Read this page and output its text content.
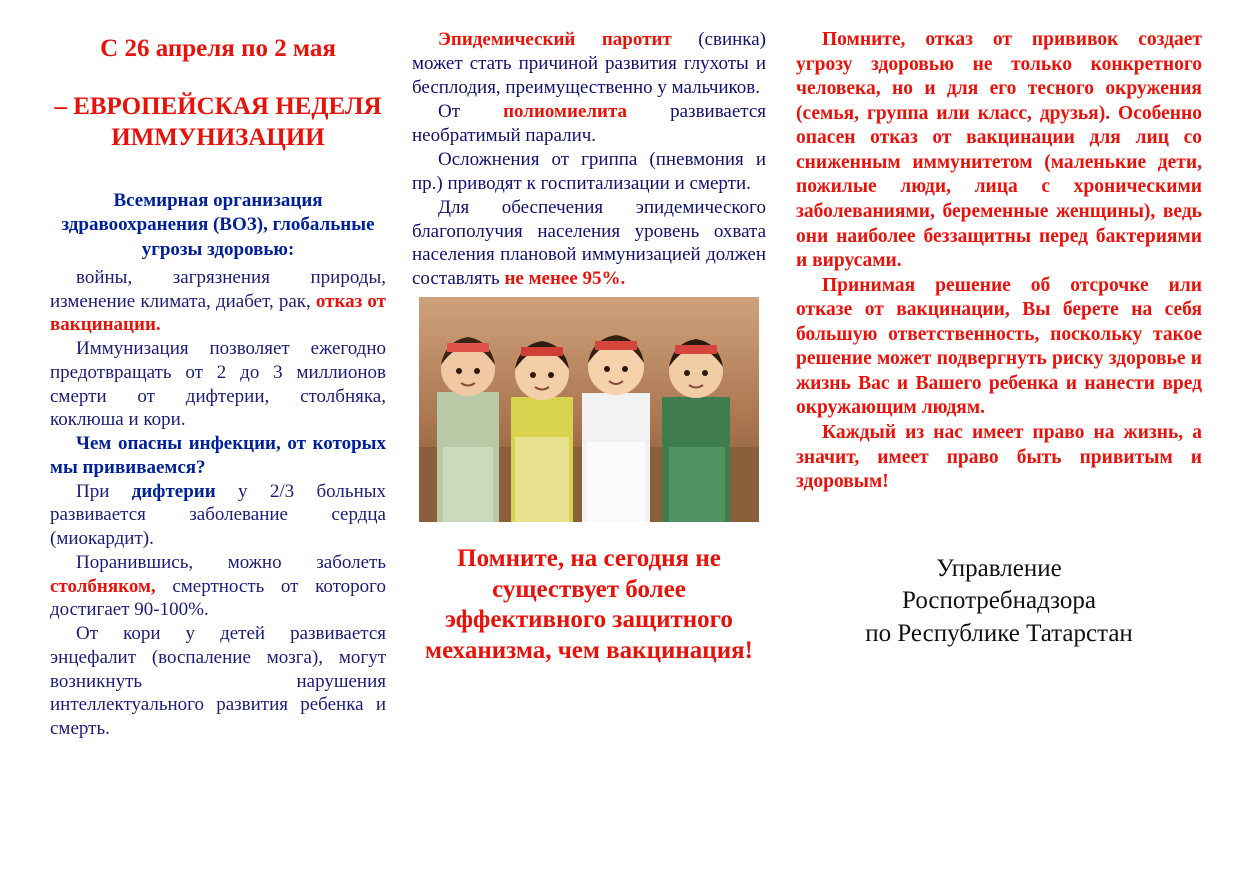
С 26 апреля по 2 мая
– ЕВРОПЕЙСКАЯ НЕДЕЛЯ ИММУНИЗАЦИИ
Всемирная организация здравоохранения (ВОЗ), глобальные угрозы здоровью:

войны, загрязнения природы, изменение климата, диабет, рак, отказ от вакцинации.

Иммунизация позволяет ежегодно предотвращать от 2 до 3 миллионов смерти от дифтерии, столбняка, коклюша и кори.

Чем опасны инфекции, от которых мы прививаемся?

При дифтерии у 2/3 больных развивается заболевание сердца (миокардит).

Поранившись, можно заболеть столбняком, смертность от которого достигает 90-100%.

От кори у детей развивается энцефалит (воспаление мозга), могут возникнуть нарушения интеллектуального развития ребенка и смерть.

Эпидемический паротит (свинка) может стать причиной развития глухоты и бесплодия, преимущественно у мальчиков.

От полиомиелита развивается необратимый паралич.

Осложнения от гриппа (пневмония и пр.) приводят к госпитализации и смерти.

Для обеспечения эпидемического благополучия населения уровень охвата населения плановой иммунизацией должен составлять не менее 95%.

Помните, на сегодня не существует более эффективного защитного механизма, чем вакцинация!

Помните, отказ от прививок создает угрозу здоровью не только конкретного человека, но и для его тесного окружения (семья, группа или класс, друзья). Особенно опасен отказ от вакцинации для лиц со сниженным иммунитетом (маленькие дети, пожилые люди, лица с хроническими заболеваниями, беременные женщины), ведь они наиболее беззащитны перед бактериями и вирусами.

Принимая решение об отсрочке или отказе от вакцинации, Вы берете на себя большую ответственность, поскольку такое решение может подвергнуть риску здоровье и жизнь Вас и Вашего ребенка и нанести вред окружающим людям.

Каждый из нас имеет право на жизнь, а значит, имеет право быть привитым и здоровым!

Управление
Роспотребнадзора
по Республике Татарстан
